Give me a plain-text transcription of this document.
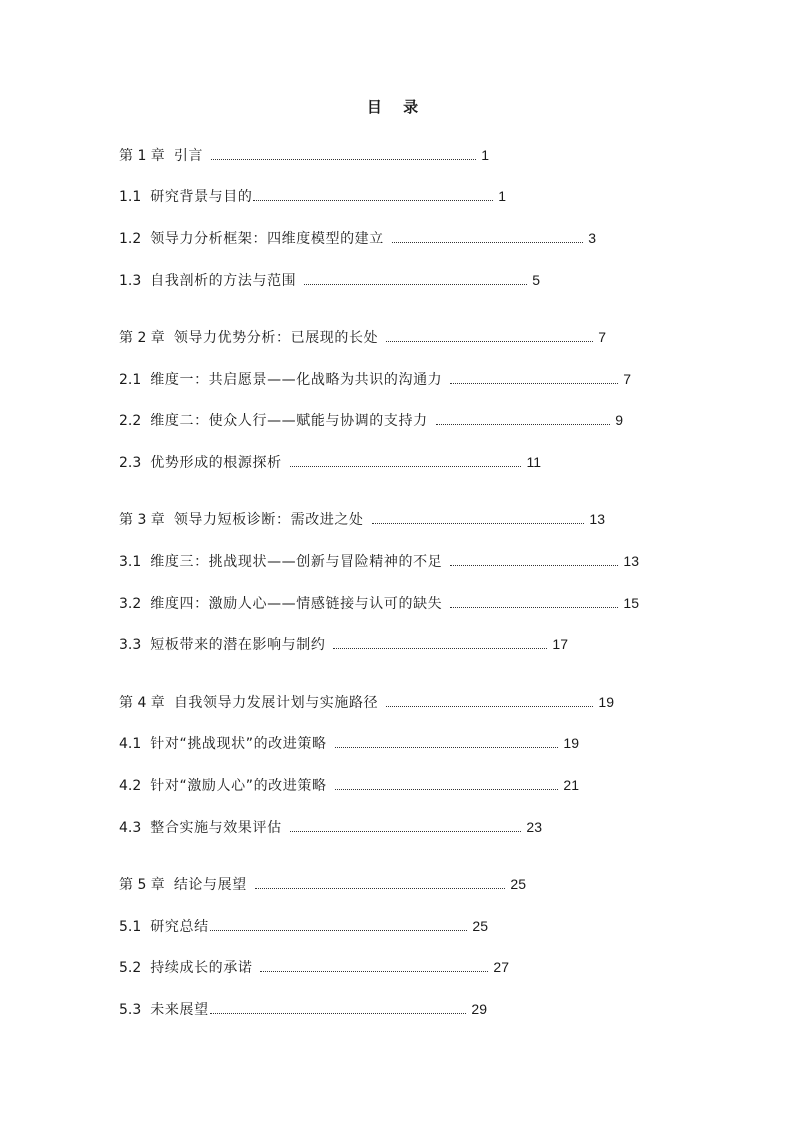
目 录
第 1 章 引言	1
1.1 研究背景与目的	1
1.2 领导力分析框架：四维度模型的建立	3
1.3 自我剖析的方法与范围	5
第 2 章 领导力优势分析：已展现的长处	7
2.1 维度一：共启愿景——化战略为共识的沟通力	7
2.2 维度二：使众人行——赋能与协调的支持力	9
2.3 优势形成的根源探析	11
第 3 章 领导力短板诊断：需改进之处	13
3.1 维度三：挑战现状——创新与冒险精神的不足	13
3.2 维度四：激励人心——情感链接与认可的缺失	15
3.3 短板带来的潜在影响与制约	17
第 4 章 自我领导力发展计划与实施路径	19
4.1 针对“挑战现状”的改进策略	19
4.2 针对“激励人心”的改进策略	21
4.3 整合实施与效果评估	23
第 5 章 结论与展望	25
5.1 研究总结	25
5.2 持续成长的承诺	27
5.3 未来展望	29
